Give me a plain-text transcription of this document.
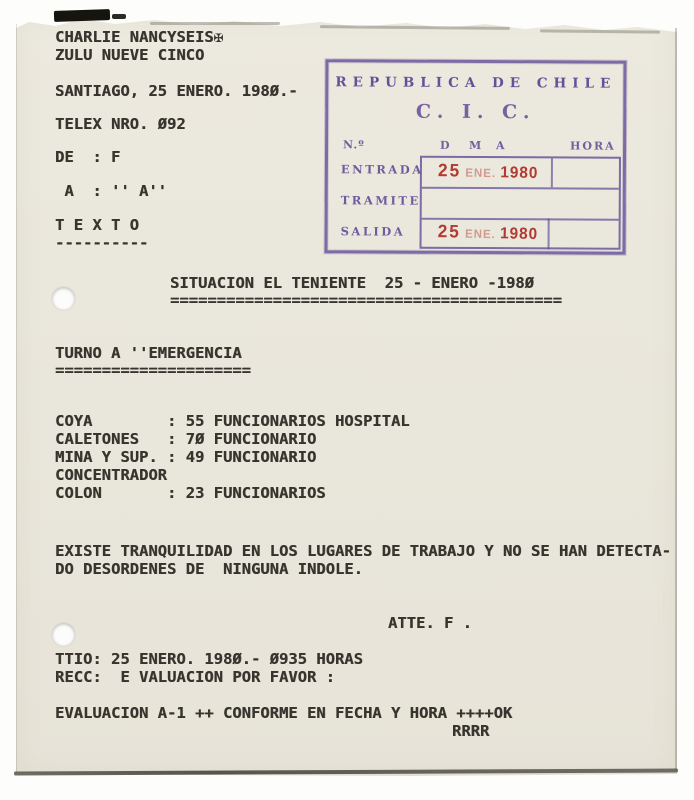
CHARLIE NANCYSEIS✠
ZULU NUEVE CINCO
SANTIAGO, 25 ENERO. 198Ø.-
TELEX NRO. Ø92
DE  : F
A  : '' A''
T E X T O
----------
SITUACION EL TENIENTE  25 - ENERO -198Ø
==========================================
TURNO A ''EMERGENCIA
=====================
COYA        : 55 FUNCIONARIOS HOSPITAL
CALETONES   : 7Ø FUNCIONARIO
MINA Y SUP. : 49 FUNCIONARIO
CONCENTRADOR
COLON       : 23 FUNCIONARIOS
EXISTE TRANQUILIDAD EN LOS LUGARES DE TRABAJO Y NO SE HAN DETECTA-
DO DESORDENES DE  NINGUNA INDOLE.
ATTE. F .
TTIO: 25 ENERO. 198Ø.- Ø935 HORAS
RECC:  E VALUACION POR FAVOR :
EVALUACION A-1 ++ CONFORME EN FECHA Y HORA ++++OK
RRRR
REPUBLICA DE CHILE
C. I. C.
N.º	D M A	HORA
ENTRADA
TRAMITE
SALIDA
25 ENE. 1980
25 ENE. 1980
